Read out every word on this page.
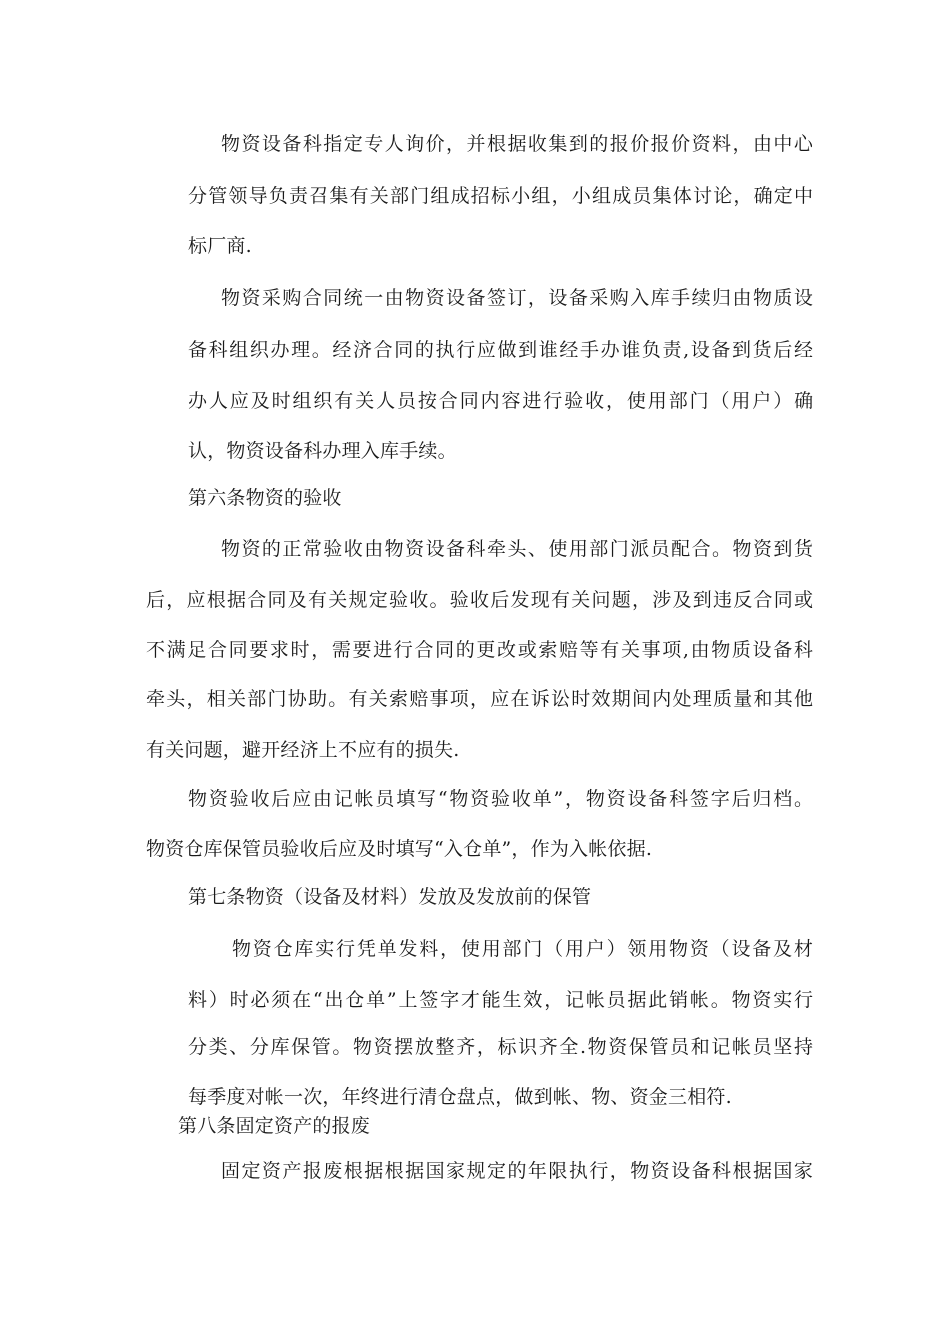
物资设备科指定专人询价，并根据收集到的报价报价资料，由中心

分管领导负责召集有关部门组成招标小组，小组成员集体讨论，确定中

标厂商.

物资采购合同统一由物资设备签订，设备采购入库手续归由物质设

备科组织办理。经济合同的执行应做到谁经手办谁负责,设备到货后经

办人应及时组织有关人员按合同内容进行验收，使用部门（用户）确

认，物资设备科办理入库手续。

第六条物资的验收

物资的正常验收由物资设备科牵头、使用部门派员配合。物资到货

后，应根据合同及有关规定验收。验收后发现有关问题，涉及到违反合同或

不满足合同要求时，需要进行合同的更改或索赔等有关事项,由物质设备科

牵头，相关部门协助。有关索赔事项，应在诉讼时效期间内处理质量和其他

有关问题，避开经济上不应有的损失.

物资验收后应由记帐员填写“物资验收单”，物资设备科签字后归档。

物资仓库保管员验收后应及时填写“入仓单”，作为入帐依据.

第七条物资（设备及材料）发放及发放前的保管

物资仓库实行凭单发料，使用部门（用户）领用物资（设备及材

料）时必须在“出仓单”上签字才能生效，记帐员据此销帐。物资实行

分类、分库保管。物资摆放整齐，标识齐全.物资保管员和记帐员坚持

每季度对帐一次，年终进行清仓盘点，做到帐、物、资金三相符.

第八条固定资产的报废

固定资产报废根据根据国家规定的年限执行，物资设备科根据国家
